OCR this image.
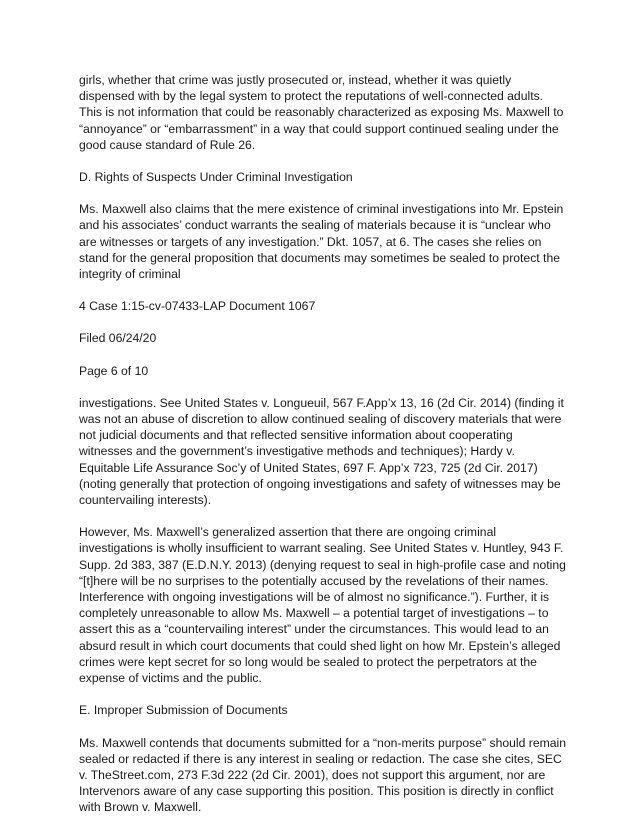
girls, whether that crime was justly prosecuted or, instead, whether it was quietly dispensed with by the legal system to protect the reputations of well-connected adults. This is not information that could be reasonably characterized as exposing Ms. Maxwell to “annoyance” or “embarrassment” in a way that could support continued sealing under the good cause standard of Rule 26.

D. Rights of Suspects Under Criminal Investigation

Ms. Maxwell also claims that the mere existence of criminal investigations into Mr. Epstein and his associates’ conduct warrants the sealing of materials because it is “unclear who are witnesses or targets of any investigation.” Dkt. 1057, at 6. The cases she relies on stand for the general proposition that documents may sometimes be sealed to protect the integrity of criminal

4 Case 1:15-cv-07433-LAP Document 1067

Filed 06/24/20

Page 6 of 10

investigations. See United States v. Longueuil, 567 F.App’x 13, 16 (2d Cir. 2014) (finding it was not an abuse of discretion to allow continued sealing of discovery materials that were not judicial documents and that reflected sensitive information about cooperating witnesses and the government’s investigative methods and techniques); Hardy v. Equitable Life Assurance Soc’y of United States, 697 F. App’x 723, 725 (2d Cir. 2017) (noting generally that protection of ongoing investigations and safety of witnesses may be countervailing interests).

However, Ms. Maxwell’s generalized assertion that there are ongoing criminal investigations is wholly insufficient to warrant sealing. See United States v. Huntley, 943 F. Supp. 2d 383, 387 (E.D.N.Y. 2013) (denying request to seal in high-profile case and noting “[t]here will be no surprises to the potentially accused by the revelations of their names. Interference with ongoing investigations will be of almost no significance.”). Further, it is completely unreasonable to allow Ms. Maxwell – a potential target of investigations – to assert this as a “countervailing interest” under the circumstances. This would lead to an absurd result in which court documents that could shed light on how Mr. Epstein’s alleged crimes were kept secret for so long would be sealed to protect the perpetrators at the expense of victims and the public.

E. Improper Submission of Documents

Ms. Maxwell contends that documents submitted for a “non-merits purpose” should remain sealed or redacted if there is any interest in sealing or redaction. The case she cites, SEC v. TheStreet.com, 273 F.3d 222 (2d Cir. 2001), does not support this argument, nor are Intervenors aware of any case supporting this position. This position is directly in conflict with Brown v. Maxwell.
